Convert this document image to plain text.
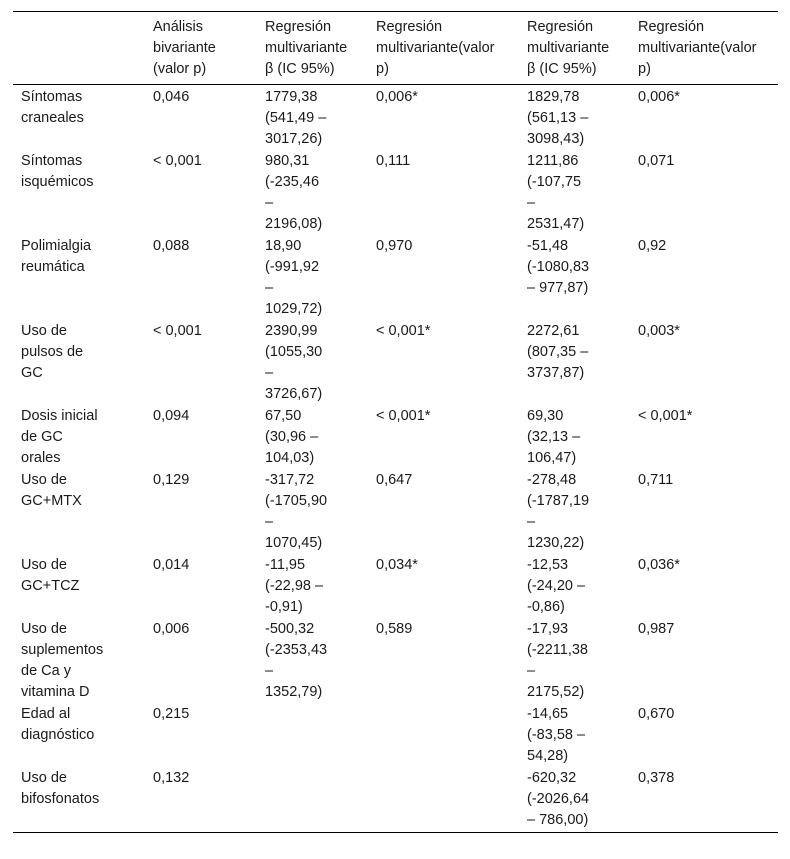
	Análisis
bivariante
(valor p)	Regresión
multivariante
β (IC 95%)	Regresión
multivariante(valor
p)	Regresión
multivariante
β (IC 95%)	Regresión
multivariante(valor
p)
Síntomas
craneales	0,046	1779,38
(541,49 –
3017,26)	0,006*	1829,78
(561,13 –
3098,43)	0,006*
Síntomas
isquémicos	< 0,001	980,31
(-235,46
–
2196,08)	0,111	1211,86
(-107,75
–
2531,47)	0,071
Polimialgia
reumática	0,088	18,90
(-991,92
–
1029,72)	0,970	-51,48
(-1080,83
– 977,87)	0,92
Uso de
pulsos de
GC	< 0,001	2390,99
(1055,30
–
3726,67)	< 0,001*	2272,61
(807,35 –
3737,87)	0,003*
Dosis inicial
de GC
orales	0,094	67,50
(30,96 –
104,03)	< 0,001*	69,30
(32,13 –
106,47)	< 0,001*
Uso de
GC+MTX	0,129	-317,72
(-1705,90
–
1070,45)	0,647	-278,48
(-1787,19
–
1230,22)	0,711
Uso de
GC+TCZ	0,014	-11,95
(-22,98 –
-0,91)	0,034*	-12,53
(-24,20 –
-0,86)	0,036*
Uso de
suplementos
de Ca y
vitamina D	0,006	-500,32
(-2353,43
–
1352,79)	0,589	-17,93
(-2211,38
–
2175,52)	0,987
Edad al
diagnóstico	0,215			-14,65
(-83,58 –
54,28)	0,670
Uso de
bifosfonatos	0,132			-620,32
(-2026,64
– 786,00)	0,378
